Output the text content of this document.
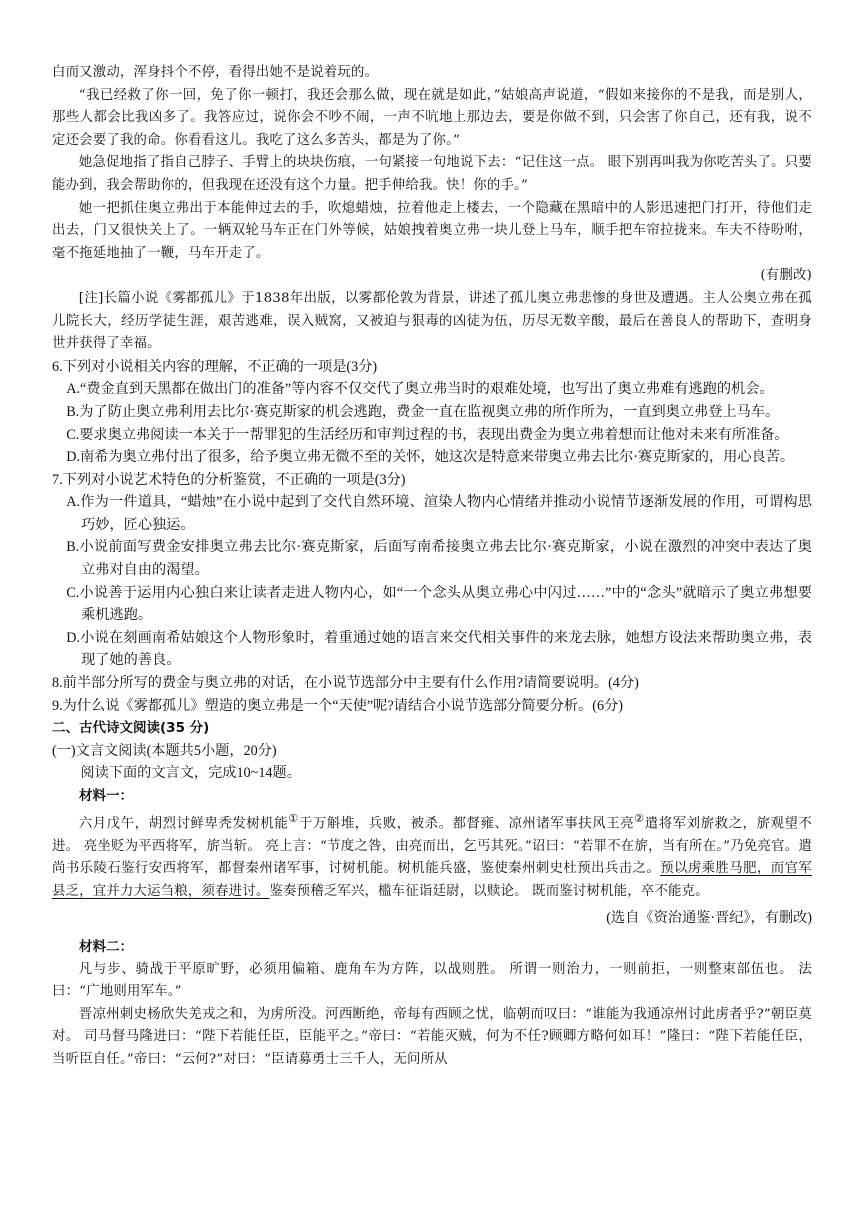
白而又激动，浑身抖个不停，看得出她不是说着玩的。

“我已经救了你一回，免了你一顿打，我还会那么做，现在就是如此，”姑娘高声说道，“假如来接你的不是我，而是别人，那些人都会比我凶多了。我答应过，说你会不吵不闹，一声不吭地上那边去，要是你做不到，只会害了你自己，还有我，说不定还会要了我的命。你看看这儿。我吃了这么多苦头，都是为了你。”

她急促地指了指自己脖子、手臂上的块块伤痕，一句紧接一句地说下去：“记住这一点。 眼下别再叫我为你吃苦头了。只要能办到，我会帮助你的，但我现在还没有这个力量。把手伸给我。快！你的手。”

她一把抓住奥立弗出于本能伸过去的手，吹熄蜡烛，拉着他走上楼去，一个隐藏在黑暗中的人影迅速把门打开，待他们走出去，门又很快关上了。一辆双轮马车正在门外等候，姑娘拽着奥立弗一块儿登上马车，顺手把车帘拉拢来。车夫不待吩咐，毫不拖延地抽了一鞭，马车开走了。

(有删改)

[注]长篇小说《雾都孤儿》于1838年出版，以雾都伦敦为背景，讲述了孤儿奥立弗悲惨的身世及遭遇。主人公奥立弗在孤儿院长大，经历学徒生涯，艰苦逃难，误入贼窝，又被迫与狠毒的凶徒为伍，历尽无数辛酸，最后在善良人的帮助下，查明身世并获得了幸福。

6.下列对小说相关内容的理解，不正确的一项是(3分)

A.“费金直到天黑都在做出门的准备”等内容不仅交代了奥立弗当时的艰难处境，也写出了奥立弗难有逃跑的机会。

B.为了防止奥立弗利用去比尔·赛克斯家的机会逃跑，费金一直在监视奥立弗的所作所为，一直到奥立弗登上马车。

C.要求奥立弗阅读一本关于一帮罪犯的生活经历和审判过程的书，表现出费金为奥立弗着想而让他对未来有所准备。

D.南希为奥立弗付出了很多，给予奥立弗无微不至的关怀，她这次是特意来带奥立弗去比尔·赛克斯家的，用心良苦。

7.下列对小说艺术特色的分析鉴赏，不正确的一项是(3分)

A.作为一件道具，“蜡烛”在小说中起到了交代自然环境、渲染人物内心情绪并推动小说情节逐渐发展的作用，可谓构思巧妙，匠心独运。

B.小说前面写费金安排奥立弗去比尔·赛克斯家，后面写南希接奥立弗去比尔·赛克斯家，小说在激烈的冲突中表达了奥立弗对自由的渴望。

C.小说善于运用内心独白来让读者走进人物内心，如“一个念头从奥立弗心中闪过……”中的“念头”就暗示了奥立弗想要乘机逃跑。

D.小说在刻画南希姑娘这个人物形象时，着重通过她的语言来交代相关事件的来龙去脉，她想方设法来帮助奥立弗，表现了她的善良。

8.前半部分所写的费金与奥立弗的对话，在小说节选部分中主要有什么作用?请简要说明。(4分)

9.为什么说《雾都孤儿》塑造的奥立弗是一个“天使”呢?请结合小说节选部分简要分析。(6分)

二、古代诗文阅读(35 分)

(一)文言文阅读(本题共5小题，20分)

阅读下面的文言文，完成10~14题。

材料一：

六月戊午，胡烈讨鲜卑秃发树机能①于万斛堆，兵败，被杀。都督雍、凉州诸军事扶风王亮②遣将军刘旂救之，旂观望不进。 亮坐贬为平西将军，旂当斩。 亮上言：“节度之咎，由亮而出，乞丐其死。”诏曰：“若罪不在旂，当有所在。”乃免亮官。遣尚书乐陵石鉴行安西将军，都督秦州诸军事，讨树机能。树机能兵盛，鉴使秦州刺史杜预出兵击之。预以虏乘胜马肥，而官军县乏，宜并力大运刍粮，须春进讨。鉴奏预稽乏军兴，槛车征诣廷尉，以赎论。 既而鉴讨树机能，卒不能克。

(选自《资治通鉴·晋纪》，有删改)

材料二：

凡与步、骑战于平原旷野，必须用偏箱、鹿角车为方阵，以战则胜。 所谓一则治力，一则前拒，一则整束部伍也。 法曰：“广地则用军车。”

晋凉州刺史杨欣失羌戎之和，为虏所没。河西断绝，帝每有西顾之忧，临朝而叹曰：“谁能为我通凉州讨此虏者乎?”朝臣莫对。 司马督马隆进曰：“陛下若能任臣，臣能平之。”帝曰：“若能灭贼，何为不任?顾卿方略何如耳！”隆曰：“陛下若能任臣，当听臣自任。”帝曰：“云何?”对曰：“臣请募勇士三千人，无问所从
